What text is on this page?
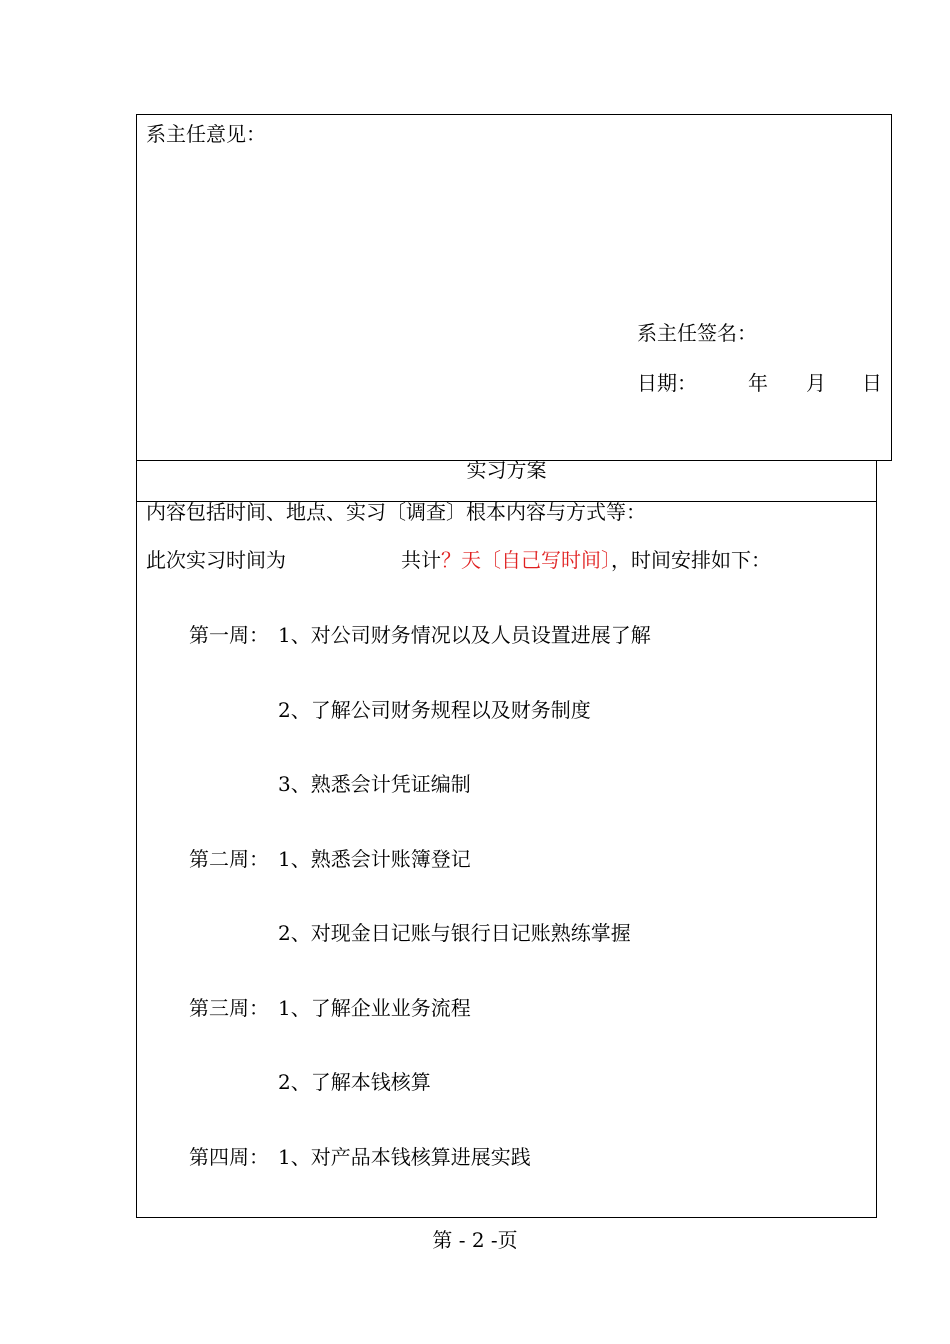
系主任意见：
系主任签名：
日期：	年 月 日
实习方案
内容包括时间、地点、实习〔调查〕根本内容与方式等：
此次实习时间为	共计？天〔自己写时间〕，时间安排如下：
第一周： 1、对公司财务情况以及人员设置进展了解
2、了解公司财务规程以及财务制度
3、熟悉会计凭证编制
第二周： 1、熟悉会计账簿登记
2、对现金日记账与银行日记账熟练掌握
第三周： 1、了解企业业务流程
2、了解本钱核算
第四周： 1、对产品本钱核算进展实践
第 - 2 -页
